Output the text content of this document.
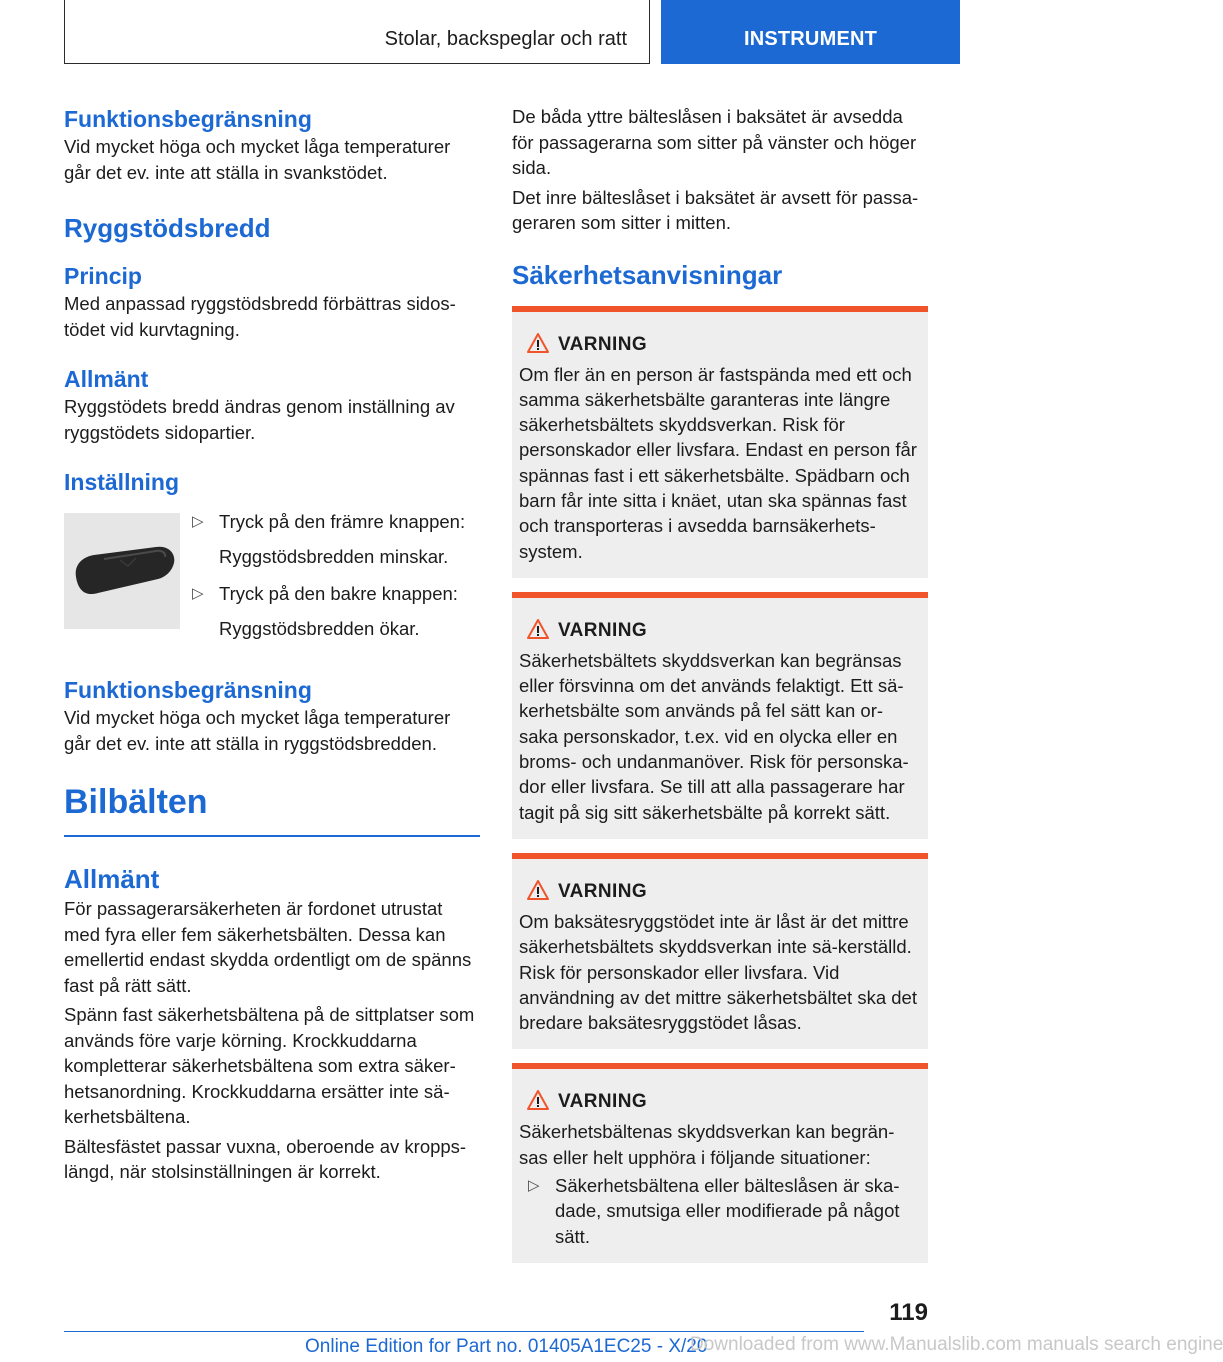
Stolar, backspeglar och ratt	INSTRUMENT
Funktionsbegränsning

Vid mycket höga och mycket låga temperaturer går det ev. inte att ställa in svankstödet.

Ryggstödsbredd
Princip

Med anpassad ryggstödsbredd förbättras sidos-tödet vid kurvtagning.

Allmänt

Ryggstödets bredd ändras genom inställning av ryggstödets sidopartier.

Inställning
▷ Tryck på den främre knappen:
Ryggstödsbredden minskar.
▷ Tryck på den bakre knappen:
Ryggstödsbredden ökar.
Funktionsbegränsning

Vid mycket höga och mycket låga temperaturer går det ev. inte att ställa in ryggstödsbredden.

Bilbälten
Allmänt

För passagerarsäkerheten är fordonet utrustat med fyra eller fem säkerhetsbälten. Dessa kan emellertid endast skydda ordentligt om de spänns fast på rätt sätt.

Spänn fast säkerhetsbältena på de sittplatser som används före varje körning. Krockkuddarna kompletterar säkerhetsbältena som extra säker-hetsanordning. Krockkuddarna ersätter inte sä-kerhetsbältena.

Bältesfästet passar vuxna, oberoende av kropps-längd, när stolsinställningen är korrekt.

De båda yttre bälteslåsen i baksätet är avsedda för passagerarna som sitter på vänster och höger sida.

Det inre bälteslåset i baksätet är avsett för passa-geraren som sitter i mitten.

Säkerhetsanvisningar
VARNING

Om fler än en person är fastspända med ett och samma säkerhetsbälte garanteras inte längre säkerhetsbältets skyddsverkan. Risk för personskador eller livsfara. Endast en person får spännas fast i ett säkerhetsbälte. Spädbarn och barn får inte sitta i knäet, utan ska spännas fast och transporteras i avsedda barnsäkerhets-system.

VARNING

Säkerhetsbältets skyddsverkan kan begränsas eller försvinna om det används felaktigt. Ett sä-kerhetsbälte som används på fel sätt kan or-saka personskador, t.ex. vid en olycka eller en broms- och undanmanöver. Risk för personska-dor eller livsfara. Se till att alla passagerare har tagit på sig sitt säkerhetsbälte på korrekt sätt.

VARNING

Om baksätesryggstödet inte är låst är det mittre säkerhetsbältets skyddsverkan inte sä-kerställd. Risk för personskador eller livsfara. Vid användning av det mittre säkerhetsbältet ska det bredare baksätesryggstödet låsas.

VARNING

Säkerhetsbältenas skyddsverkan kan begrän-sas eller helt upphöra i följande situationer:

▷ Säkerhetsbältena eller bälteslåsen är ska-dade, smutsiga eller modifierade på något sätt.
119
Online Edition for Part no. 01405A1EC25 - X/20
Downloaded from www.Manualslib.com manuals search engine
